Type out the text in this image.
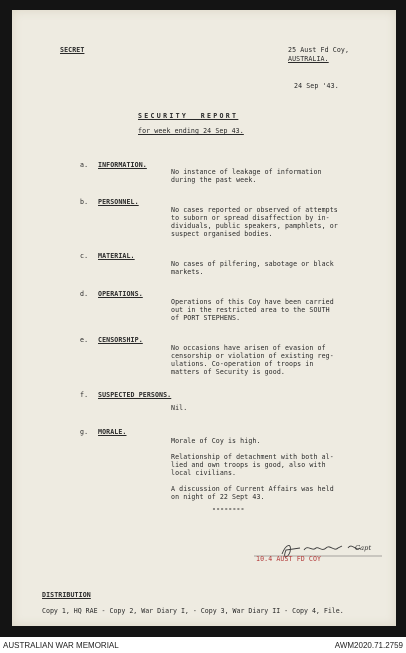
SECRET	25 Aust Fd Coy,
AUSTRALIA.
24 Sep '43.
SECURITY  REPORT
for week ending 24 Sep 43.
a. INFORMATION.
No instance of leakage of information
during the past week.
b. PERSONNEL.
No cases reported or observed of attempts
to suborn or spread disaffection by in-
dividuals, public speakers, pamphlets, or
suspect organised bodies.
c. MATERIAL.
No cases of pilfering, sabotage or black
markets.
d. OPERATIONS.
Operations of this Coy have been carried
out in the restricted area to the SOUTH
of PORT STEPHENS.
e. CENSORSHIP.
No occasions have arisen of evasion of
censorship or violation of existing reg-
ulations. Co-operation of troops in
matters of Security is good.
f. SUSPECTED PERSONS.
Nil.
g. MORALE.
Morale of Coy is high.
Relationship of detachment with both al-
lied and own troops is good, also with
local civilians.
A discussion of Current Affairs was held
on night of 22 Sept 43.
--------
Capt
10.4 AUST FD COY
DISTRIBUTION
Copy 1, HQ RAE - Copy 2, War Diary I, - Copy 3, War Diary II - Copy 4, File.
AUSTRALIAN WAR MEMORIAL	AWM2020.71.2759
